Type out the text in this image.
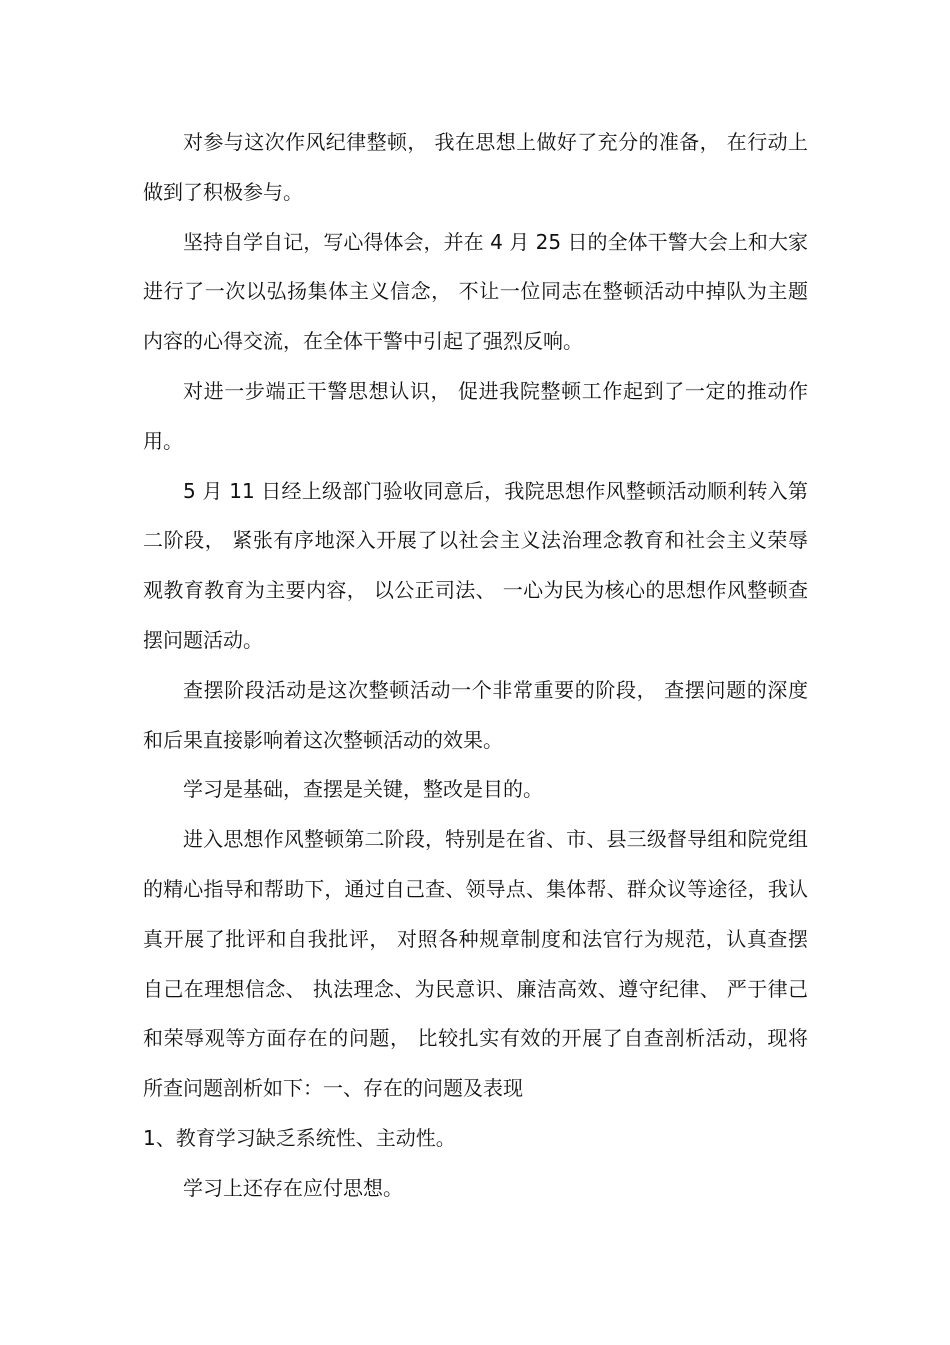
对参与这次作风纪律整顿， 我在思想上做好了充分的准备， 在行动上做到了积极参与。

坚持自学自记，写心得体会，并在 4 月 25 日的全体干警大会上和大家进行了一次以弘扬集体主义信念， 不让一位同志在整顿活动中掉队为主题内容的心得交流，在全体干警中引起了强烈反响。

对进一步端正干警思想认识， 促进我院整顿工作起到了一定的推动作用。

5 月 11 日经上级部门验收同意后，我院思想作风整顿活动顺利转入第二阶段， 紧张有序地深入开展了以社会主义法治理念教育和社会主义荣辱观教育教育为主要内容， 以公正司法、 一心为民为核心的思想作风整顿查摆问题活动。

查摆阶段活动是这次整顿活动一个非常重要的阶段， 查摆问题的深度和后果直接影响着这次整顿活动的效果。

学习是基础，查摆是关键，整改是目的。

进入思想作风整顿第二阶段，特别是在省、市、县三级督导组和院党组的精心指导和帮助下，通过自己查、领导点、集体帮、群众议等途径，我认真开展了批评和自我批评， 对照各种规章制度和法官行为规范，认真查摆自己在理想信念、 执法理念、为民意识、廉洁高效、遵守纪律、 严于律己和荣辱观等方面存在的问题， 比较扎实有效的开展了自查剖析活动，现将所查问题剖析如下：一、存在的问题及表现

1、教育学习缺乏系统性、主动性。

学习上还存在应付思想。
